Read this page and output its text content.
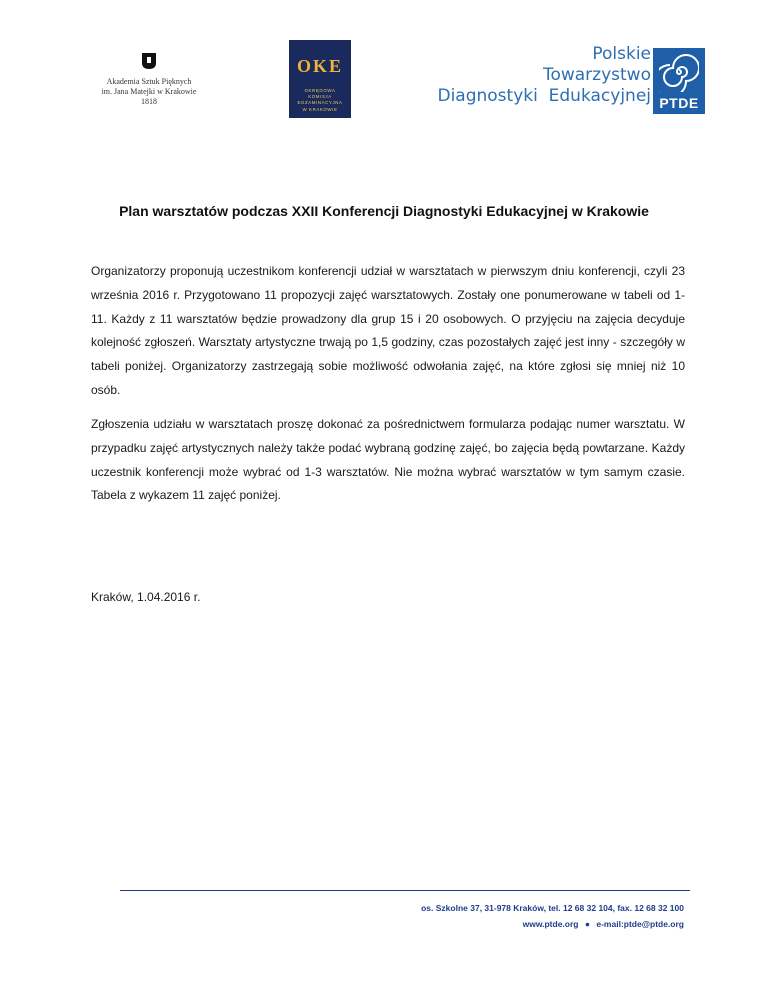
Akademia Sztuk Pięknych
im. Jana Matejki w Krakowie
1818
OKE
OKRĘGOWA
KOMISJA
EGZAMINACYJNA
W KRAKOWIE
Polskie
Towarzystwo
Diagnostyki  Edukacyjnej PTDE
Plan warsztatów podczas XXII Konferencji Diagnostyki Edukacyjnej w Krakowie
Organizatorzy proponują uczestnikom konferencji udział w warsztatach w pierwszym dniu konferencji, czyli 23 września 2016 r. Przygotowano 11 propozycji zajęć warsztatowych. Zostały one ponumerowane w tabeli od 1-11. Każdy z 11 warsztatów będzie prowadzony dla grup 15 i 20 osobowych. O przyjęciu na zajęcia decyduje kolejność zgłoszeń. Warsztaty artystyczne trwają po 1,5 godziny, czas pozostałych zajęć jest inny - szczegóły w tabeli poniżej. Organizatorzy zastrzegają sobie możliwość odwołania zajęć, na które zgłosi się mniej niż 10 osób.
Zgłoszenia udziału w warsztatach proszę dokonać za pośrednictwem formularza podając numer warsztatu. W przypadku zajęć artystycznych należy także podać wybraną godzinę zajęć, bo zajęcia będą powtarzane. Każdy uczestnik konferencji może wybrać od 1-3 warsztatów. Nie można wybrać warsztatów w tym samym czasie. Tabela z wykazem 11 zajęć poniżej.
Kraków, 1.04.2016 r.
os. Szkolne 37, 31-978 Kraków, tel. 12 68 32 104, fax. 12 68 32 100
www.ptde.org ● e-mail:ptde@ptde.org
